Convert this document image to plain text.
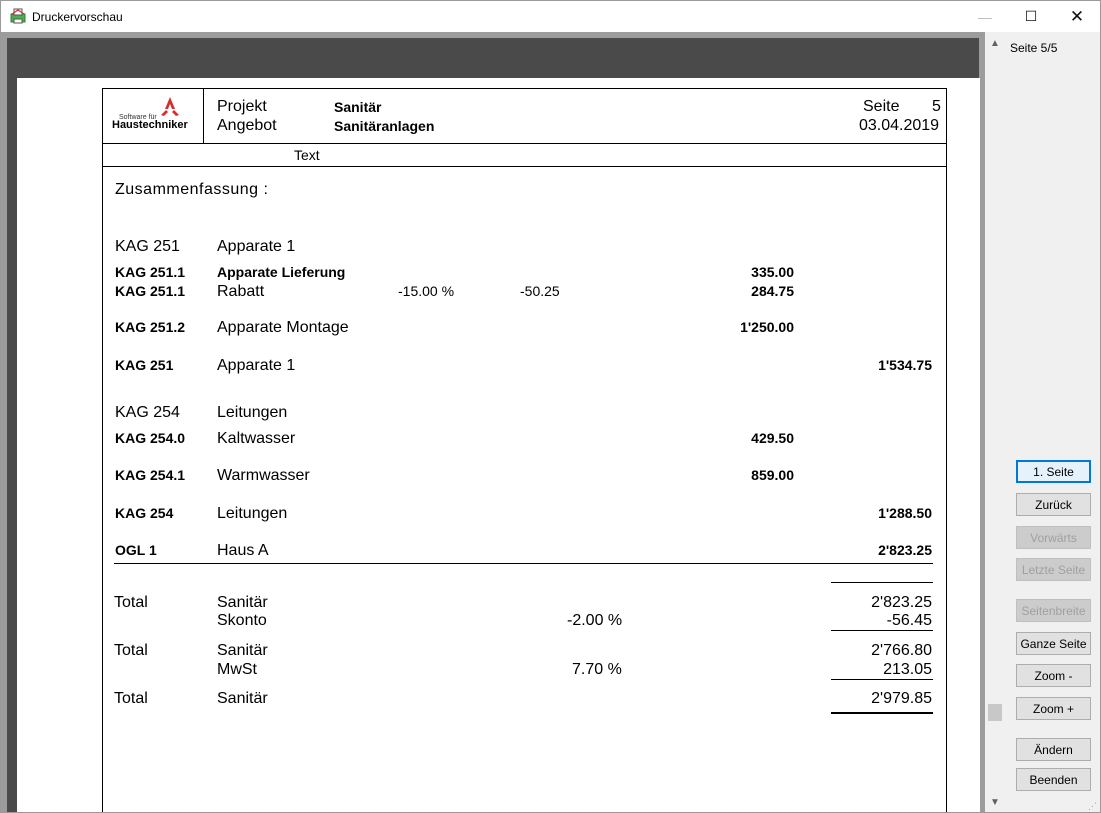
Druckervorschau	—	☐	✕
Software für
Haustechniker
Projekt	Sanitär
Angebot	Sanitäranlagen
Seite 5
03.04.2019
Text
Zusammenfassung :
KAG 251 Apparate 1
KAG 251.1 Apparate Lieferung	335.00
KAG 251.1 Rabatt	-15.00 %	-50.25	284.75
KAG 251.2 Apparate Montage	1'250.00
KAG 251	Apparate 1	1'534.75
KAG 254 Leitungen
KAG 254.0 Kaltwasser	429.50
KAG 254.1 Warmwasser	859.00
KAG 254	Leitungen	1'288.50
OGL 1	Haus A	2'823.25
Total	Sanitär	2'823.25
Skonto	-2.00 %	-56.45
Total	Sanitär	2'766.80
MwSt	7.70 %	213.05
Total	Sanitär	2'979.85
▲
▼
Seite 5/5
1. Seite
Zurück
Vorwärts
Letzte Seite
Seitenbreite
Ganze Seite
Zoom -
Zoom +
Ändern
Beenden
⋰
